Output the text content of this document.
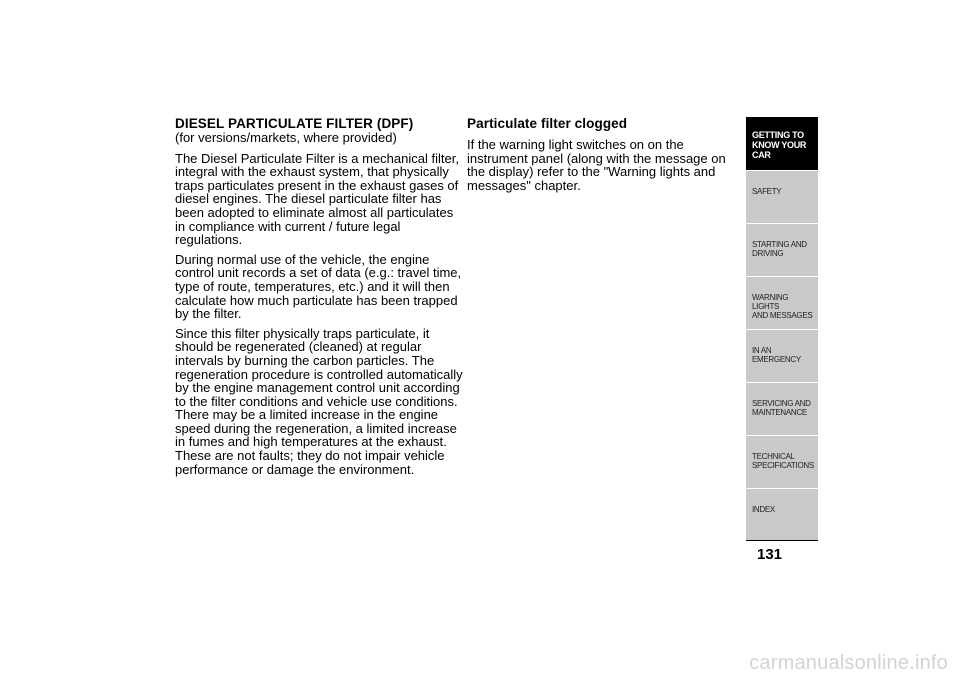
DIESEL PARTICULATE FILTER (DPF)
(for versions/markets, where provided)

The Diesel Particulate Filter is a mechanical filter, integral with the exhaust system, that physically traps particulates present in the exhaust gases of diesel engines. The diesel particulate filter has been adopted to eliminate almost all particulates in compliance with current / future legal regulations.

During normal use of the vehicle, the engine control unit records a set of data (e.g.: travel time, type of route, temperatures, etc.) and it will then calculate how much particulate has been trapped by the filter.

Since this filter physically traps particulate, it should be regenerated (cleaned) at regular intervals by burning the carbon particles. The regeneration procedure is controlled automatically by the engine management control unit according to the filter conditions and vehicle use conditions. There may be a limited increase in the engine speed during the regeneration, a limited increase in fumes and high temperatures at the exhaust. These are not faults; they do not impair vehicle performance or damage the environment.

Particulate filter clogged

If the warning light switches on on the instrument panel (along with the message on the display) refer to the "Warning lights and messages" chapter.

GETTING TO
KNOW YOUR CAR
SAFETY
STARTING AND
DRIVING
WARNING LIGHTS
AND MESSAGES
IN AN EMERGENCY
SERVICING AND
MAINTENANCE
TECHNICAL
SPECIFICATIONS
INDEX
131
carmanualsonline.info
